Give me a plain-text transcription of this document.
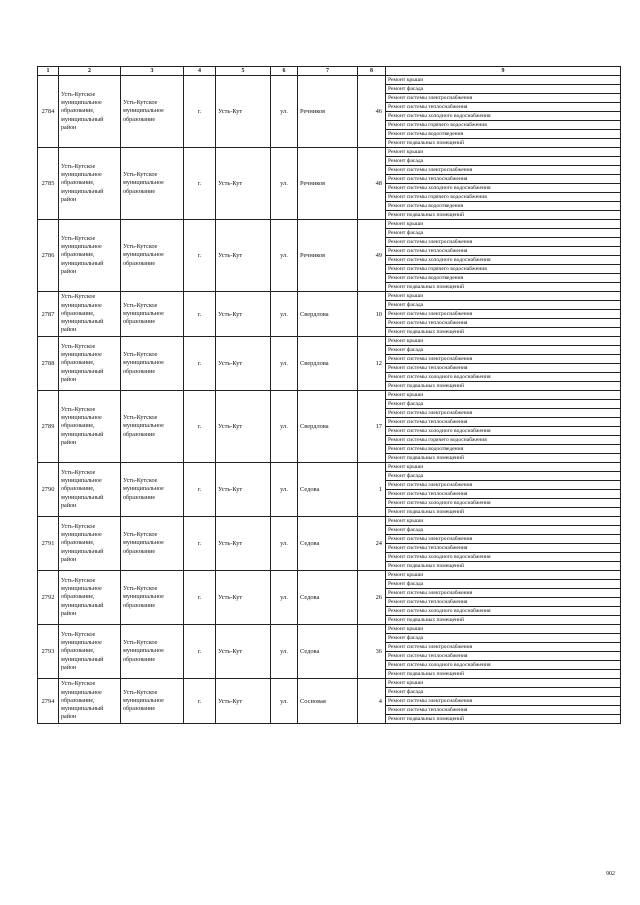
1	2	3	4	5	6	7	8	9
2784	Усть-Кутское муниципальное образование, муниципальный район	Усть-Кутское муниципальное образование	г.	Усть-Кут	ул.	Речников	46	Ремонт крыши
								Ремонт фасада
								Ремонт системы электроснабжения
								Ремонт системы теплоснабжения
								Ремонт системы холодного водоснабжения
								Ремонт системы горячего водоснабжения
								Ремонт системы водоотведения
								Ремонт подвальных помещений
2785	Усть-Кутское муниципальное образование, муниципальный район	Усть-Кутское муниципальное образование	г.	Усть-Кут	ул.	Речников	48	Ремонт крыши
								Ремонт фасада
								Ремонт системы электроснабжения
								Ремонт системы теплоснабжения
								Ремонт системы холодного водоснабжения
								Ремонт системы горячего водоснабжения
								Ремонт системы водоотведения
								Ремонт подвальных помещений
2786	Усть-Кутское муниципальное образование, муниципальный район	Усть-Кутское муниципальное образование	г.	Усть-Кут	ул.	Речников	49	Ремонт крыши
								Ремонт фасада
								Ремонт системы электроснабжения
								Ремонт системы теплоснабжения
								Ремонт системы холодного водоснабжения
								Ремонт системы горячего водоснабжения
								Ремонт системы водоотведения
								Ремонт подвальных помещений
2787	Усть-Кутское муниципальное образование, муниципальный район	Усть-Кутское муниципальное образование	г.	Усть-Кут	ул.	Свердлова	10	Ремонт крыши
								Ремонт фасада
								Ремонт системы электроснабжения
								Ремонт системы теплоснабжения
								Ремонт подвальных помещений
2788	Усть-Кутское муниципальное образование, муниципальный район	Усть-Кутское муниципальное образование	г.	Усть-Кут	ул.	Свердлова	12	Ремонт крыши
								Ремонт фасада
								Ремонт системы электроснабжения
								Ремонт системы теплоснабжения
								Ремонт системы холодного водоснабжения
								Ремонт подвальных помещений
2789	Усть-Кутское муниципальное образование, муниципальный район	Усть-Кутское муниципальное образование	г.	Усть-Кут	ул.	Свердлова	17	Ремонт крыши
								Ремонт фасада
								Ремонт системы электроснабжения
								Ремонт системы теплоснабжения
								Ремонт системы холодного водоснабжения
								Ремонт системы горячего водоснабжения
								Ремонт системы водоотведения
								Ремонт подвальных помещений
2790	Усть-Кутское муниципальное образование, муниципальный район	Усть-Кутское муниципальное образование	г.	Усть-Кут	ул.	Седова	1	Ремонт крыши
								Ремонт фасада
								Ремонт системы электроснабжения
								Ремонт системы теплоснабжения
								Ремонт системы холодного водоснабжения
								Ремонт подвальных помещений
2791	Усть-Кутское муниципальное образование, муниципальный район	Усть-Кутское муниципальное образование	г.	Усть-Кут	ул.	Седова	24	Ремонт крыши
								Ремонт фасада
								Ремонт системы электроснабжения
								Ремонт системы теплоснабжения
								Ремонт системы холодного водоснабжения
								Ремонт подвальных помещений
2792	Усть-Кутское муниципальное образование, муниципальный район	Усть-Кутское муниципальное образование	г.	Усть-Кут	ул.	Седова	26	Ремонт крыши
								Ремонт фасада
								Ремонт системы электроснабжения
								Ремонт системы теплоснабжения
								Ремонт системы холодного водоснабжения
								Ремонт подвальных помещений
2793	Усть-Кутское муниципальное образование, муниципальный район	Усть-Кутское муниципальное образование	г.	Усть-Кут	ул.	Седова	36	Ремонт крыши
								Ремонт фасада
								Ремонт системы электроснабжения
								Ремонт системы теплоснабжения
								Ремонт системы холодного водоснабжения
								Ремонт подвальных помещений
2794	Усть-Кутское муниципальное образование, муниципальный район	Усть-Кутское муниципальное образование	г.	Усть-Кут	ул.	Сосновая	4	Ремонт крыши
								Ремонт фасада
								Ремонт системы электроснабжения
								Ремонт системы теплоснабжения
								Ремонт подвальных помещений
902
